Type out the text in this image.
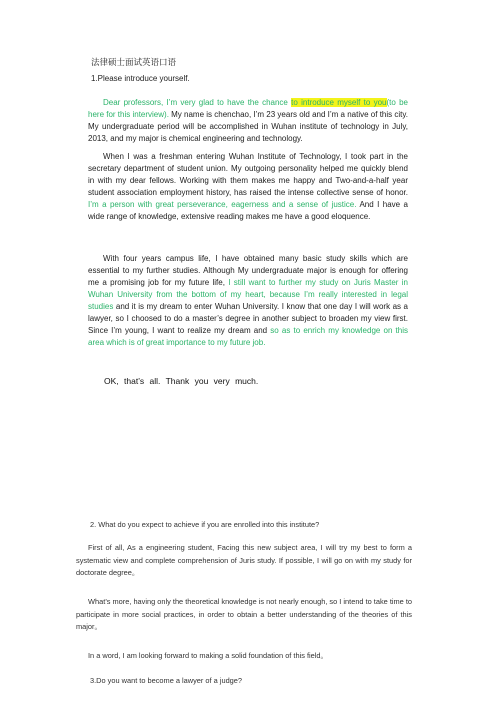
法律硕士面试英语口语
1.Please introduce yourself.

Dear professors, I’m very glad to have the chance to introduce myself to you(to be here for this interview). My name is chenchao, I’m 23 years old and I’m a native of this city. My undergraduate period will be accomplished in Wuhan institute of technology in July, 2013, and my major is chemical engineering and technology.

When I was a freshman entering Wuhan Institute of Technology, I took part in the secretary department of student union. My outgoing personality helped me quickly blend in with my dear fellows. Working with them makes me happy and Two-and-a-half year student association employment history, has raised the intense collective sense of honor. I’m a person with great perseverance, eagerness and a sense of justice. And I have a wide range of knowledge, extensive reading makes me have a good eloquence.

With four years campus life, I have obtained many basic study skills which are essential to my further studies. Although My undergraduate major is enough for offering me a promising job for my future life, I still want to further my study on Juris Master in Wuhan University from the bottom of my heart, because I’m really interested in legal studies and it is my dream to enter Wuhan University. I know that one day I will work as a lawyer, so I choosed to do a master’s degree in another subject to broaden my view first. Since I’m young, I want to realize my dream and so as to enrich my knowledge on this area which is of great importance to my future job.

OK, that’s all. Thank you very much.
2. What do you expect to achieve if you are enrolled into this institute?

First of all, As a engineering student, Facing this new subject area, I will try my best to form a systematic view and complete comprehension of Juris study. If possible, I will go on with my study for doctorate degree。

What’s more, having only the theoretical knowledge is not nearly enough, so I intend to take time to participate in more social practices, in order to obtain a better understanding of the theories of this major。

In a word, I am looking forward to making a solid foundation of this field。

3.Do you want to become a lawyer of a judge?
